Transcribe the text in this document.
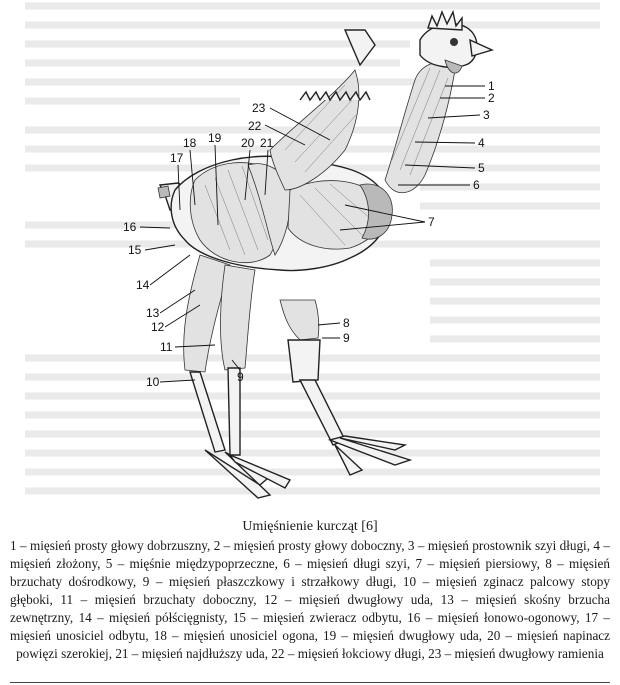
1
2
3
4
5
6
7
8
9
10
11
12
13
14
15
16
17
18 19 20 21
22
23
9
Umięśnienie kurcząt [6]
1 – mięsień prosty głowy dobrzuszny, 2 – mięsień prosty głowy doboczny, 3 – mięsień prostownik szyi długi, 4 – mięsień złożony, 5 – mięśnie międzypoprzeczne, 6 – mięsień długi szyi, 7 – mięsień piersiowy, 8 – mięsień brzuchaty dośrodkowy, 9 – mięsień płaszczkowy i strzałkowy długi, 10 – mięsień zginacz palcowy stopy głęboki, 11 – mięsień brzuchaty doboczny, 12 – mięsień dwugłowy uda, 13 – mięsień skośny brzucha zewnętrzny, 14 – mięsień półścięgnisty, 15 – mięsień zwieracz odbytu, 16 – mięsień łonowo-ogonowy, 17 – mięsień unosiciel odbytu, 18 – mięsień unosiciel ogona, 19 – mięsień dwugłowy uda, 20 – mięsień napinacz powięzi szerokiej, 21 – mięsień najdłuższy uda, 22 – mięsień łokciowy długi, 23 – mięsień dwugłowy ramienia
